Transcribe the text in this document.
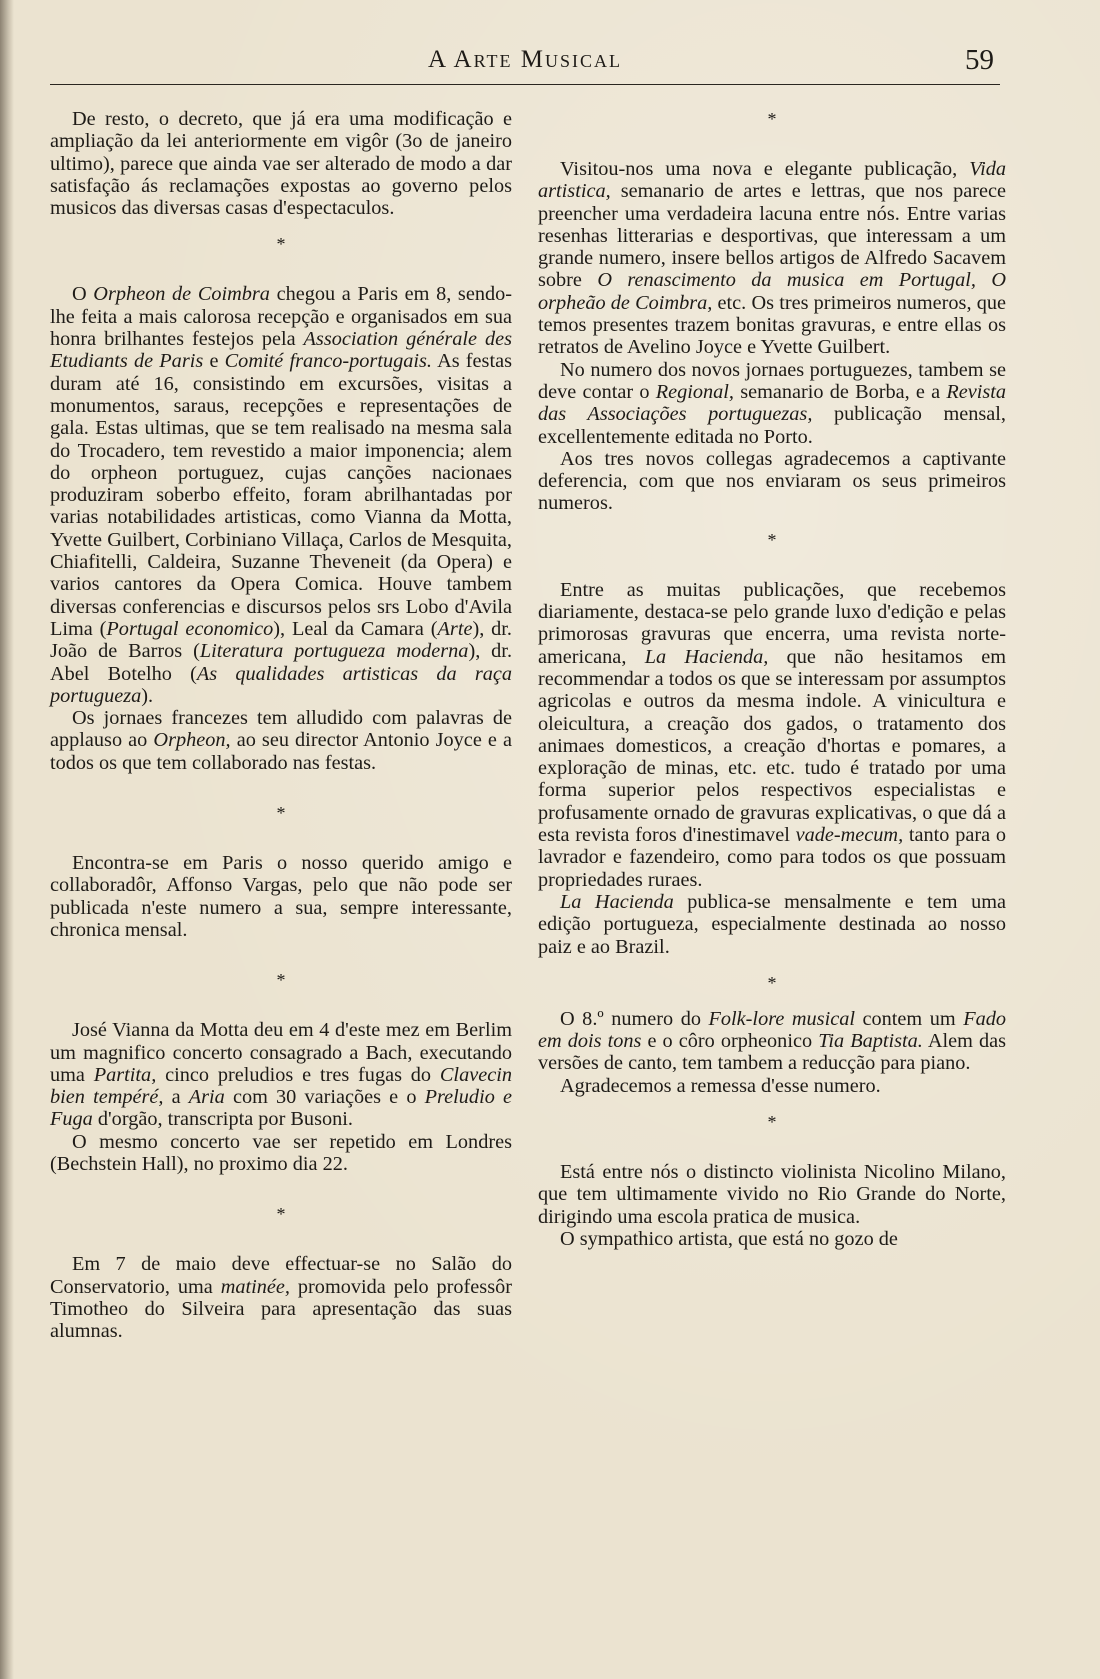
A Arte Musical	59

De resto, o decreto, que já era uma modificação e ampliação da lei anteriormente em vigôr (3o de janeiro ultimo), parece que ainda vae ser alterado de modo a dar satisfação ás reclamações expostas ao governo pelos musicos das diversas casas d'espectaculos.

*

O Orpheon de Coimbra chegou a Paris em 8, sendo-lhe feita a mais calorosa recepção e organisados em sua honra brilhantes festejos pela Association générale des Etudiants de Paris e Comité franco-portugais. As festas duram até 16, consistindo em excursões, visitas a monumentos, saraus, recepções e representações de gala. Estas ultimas, que se tem realisado na mesma sala do Trocadero, tem revestido a maior imponencia; alem do orpheon portuguez, cujas canções nacionaes produziram soberbo effeito, foram abrilhantadas por varias notabilidades artisticas, como Vianna da Motta, Yvette Guilbert, Corbiniano Villaça, Carlos de Mesquita, Chiafitelli, Caldeira, Suzanne Theveneit (da Opera) e varios cantores da Opera Comica. Houve tambem diversas conferencias e discursos pelos srs Lobo d'Avila Lima (Portugal economico), Leal da Camara (Arte), dr. João de Barros (Literatura portugueza moderna), dr. Abel Botelho (As qualidades artisticas da raça portugueza).

Os jornaes francezes tem alludido com palavras de applauso ao Orpheon, ao seu director Antonio Joyce e a todos os que tem collaborado nas festas.

*

Encontra-se em Paris o nosso querido amigo e collaboradôr, Affonso Vargas, pelo que não pode ser publicada n'este numero a sua, sempre interessante, chronica mensal.

*

José Vianna da Motta deu em 4 d'este mez em Berlim um magnifico concerto consagrado a Bach, executando uma Partita, cinco preludios e tres fugas do Clavecin bien tempéré, a Aria com 30 variações e o Preludio e Fuga d'orgão, transcripta por Busoni.

O mesmo concerto vae ser repetido em Londres (Bechstein Hall), no proximo dia 22.

*

Em 7 de maio deve effectuar-se no Salão do Conservatorio, uma matinée, promovida pelo professôr Timotheo do Silveira para apresentação das suas alumnas.

*

Visitou-nos uma nova e elegante publicação, Vida artistica, semanario de artes e lettras, que nos parece preencher uma verdadeira lacuna entre nós. Entre varias resenhas litterarias e desportivas, que interessam a um grande numero, insere bellos artigos de Alfredo Sacavem sobre O renascimento da musica em Portugal, O orpheão de Coimbra, etc. Os tres primeiros numeros, que temos presentes trazem bonitas gravuras, e entre ellas os retratos de Avelino Joyce e Yvette Guilbert.

No numero dos novos jornaes portuguezes, tambem se deve contar o Regional, semanario de Borba, e a Revista das Associações portuguezas, publicação mensal, excellentemente editada no Porto.

Aos tres novos collegas agradecemos a captivante deferencia, com que nos enviaram os seus primeiros numeros.

*

Entre as muitas publicações, que recebemos diariamente, destaca-se pelo grande luxo d'edição e pelas primorosas gravuras que encerra, uma revista norte-americana, La Hacienda, que não hesitamos em recommendar a todos os que se interessam por assumptos agricolas e outros da mesma indole. A vinicultura e oleicultura, a creação dos gados, o tratamento dos animaes domesticos, a creação d'hortas e pomares, a exploração de minas, etc. etc. tudo é tratado por uma forma superior pelos respectivos especialistas e profusamente ornado de gravuras explicativas, o que dá a esta revista foros d'inestimavel vade-mecum, tanto para o lavrador e fazendeiro, como para todos os que possuam propriedades ruraes.

La Hacienda publica-se mensalmente e tem uma edição portugueza, especialmente destinada ao nosso paiz e ao Brazil.

*

O 8.º numero do Folk-lore musical contem um Fado em dois tons e o côro orpheonico Tia Baptista. Alem das versões de canto, tem tambem a reducção para piano.

Agradecemos a remessa d'esse numero.

*

Está entre nós o distincto violinista Nicolino Milano, que tem ultimamente vivido no Rio Grande do Norte, dirigindo uma escola pratica de musica.

O sympathico artista, que está no gozo de
